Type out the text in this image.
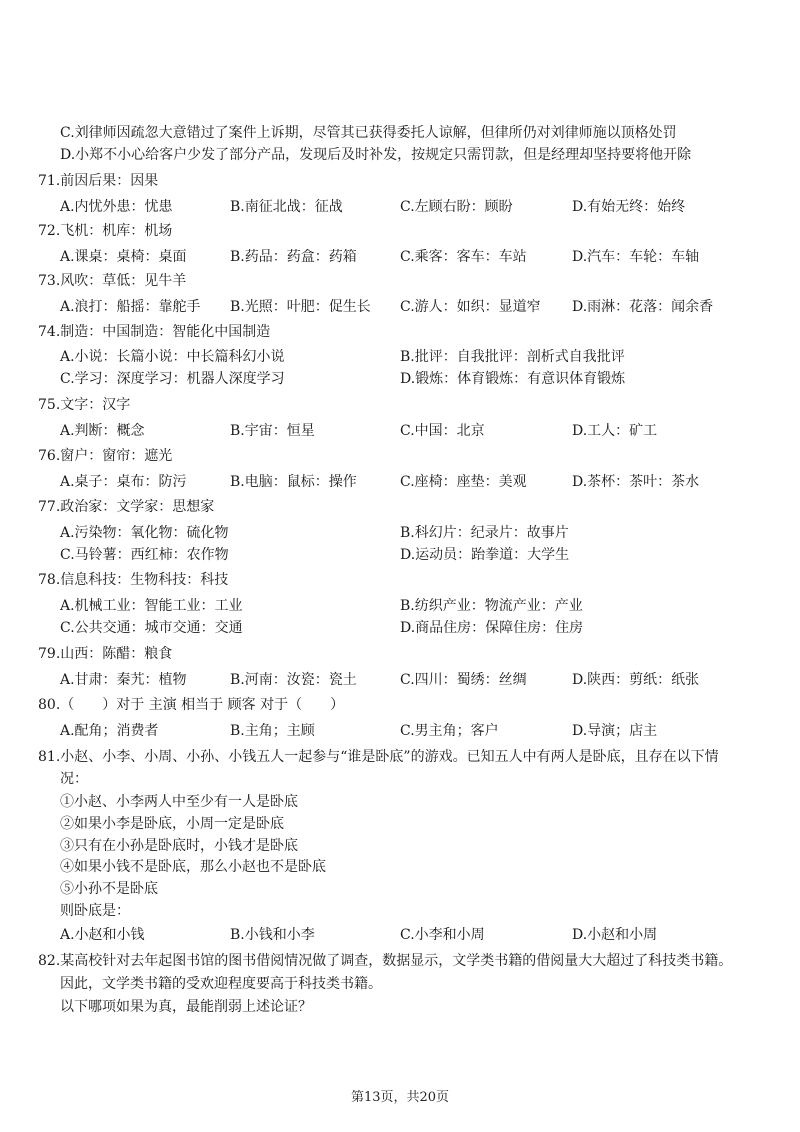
C.刘律师因疏忽大意错过了案件上诉期，尽管其已获得委托人谅解，但律所仍对刘律师施以顶格处罚
D.小郑不小心给客户少发了部分产品，发现后及时补发，按规定只需罚款，但是经理却坚持要将他开除
71.前因后果：因果
A.内忧外患：忧患	B.南征北战：征战	C.左顾右盼：顾盼	D.有始无终：始终
72.飞机：机库：机场
A.课桌：桌椅：桌面	B.药品：药盒：药箱	C.乘客：客车：车站	D.汽车：车轮：车轴
73.风吹：草低：见牛羊
A.浪打：船摇：靠舵手 B.光照：叶肥：促生长 C.游人：如织：显道窄 D.雨淋：花落：闻余香
74.制造：中国制造：智能化中国制造
A.小说：长篇小说：中长篇科幻小说	B.批评：自我批评：剖析式自我批评
C.学习：深度学习：机器人深度学习	D.锻炼：体育锻炼：有意识体育锻炼
75.文字：汉字
A.判断：概念	B.宇宙：恒星	C.中国：北京	D.工人：矿工
76.窗户：窗帘：遮光
A.桌子：桌布：防污	B.电脑：鼠标：操作	C.座椅：座垫：美观	D.茶杯：茶叶：茶水
77.政治家：文学家：思想家
A.污染物：氧化物：硫化物	B.科幻片：纪录片：故事片
C.马铃薯：西红柿：农作物	D.运动员：跆拳道：大学生
78.信息科技：生物科技：科技
A.机械工业：智能工业：工业	B.纺织产业：物流产业：产业
C.公共交通：城市交通：交通	D.商品住房：保障住房：住房
79.山西：陈醋：粮食
A.甘肃：秦艽：植物	B.河南：汝瓷：瓷土	C.四川：蜀绣：丝绸	D.陕西：剪纸：纸张
80.（　　）对于 主演 相当于 顾客 对于（　　）
A.配角；消费者	B.主角；主顾	C.男主角；客户	D.导演；店主
81.小赵、小李、小周、小孙、小钱五人一起参与“谁是卧底”的游戏。已知五人中有两人是卧底，且存在以下情
况：
①小赵、小李两人中至少有一人是卧底
②如果小李是卧底，小周一定是卧底
③只有在小孙是卧底时，小钱才是卧底
④如果小钱不是卧底，那么小赵也不是卧底
⑤小孙不是卧底
则卧底是：
A.小赵和小钱	B.小钱和小李	C.小李和小周	D.小赵和小周
82.某高校针对去年起图书馆的图书借阅情况做了调查，数据显示，文学类书籍的借阅量大大超过了科技类书籍。
因此，文学类书籍的受欢迎程度要高于科技类书籍。
以下哪项如果为真，最能削弱上述论证？
第13页，共20页
